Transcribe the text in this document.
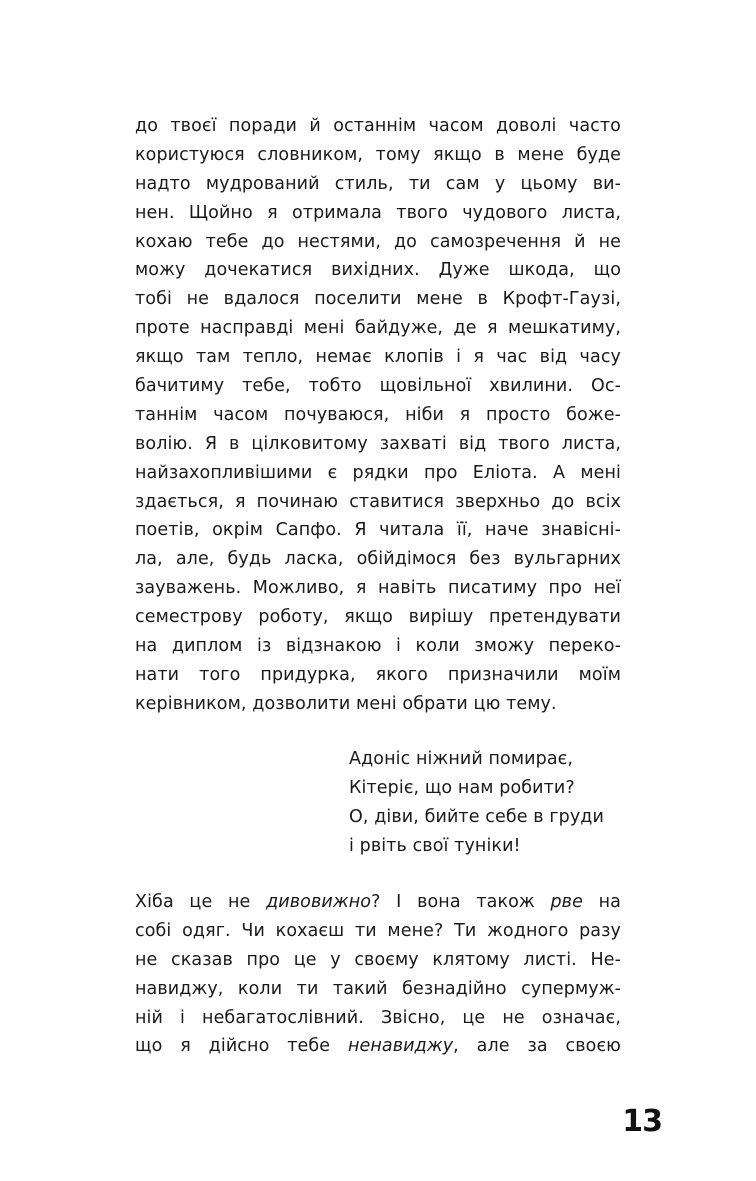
до твоєї поради й останнім часом доволі часто
користуюся словником, тому якщо в мене буде
надто мудрований стиль, ти сам у цьому ви-
нен. Щойно я отримала твого чудового листа,
кохаю тебе до нестями, до самозречення й не
можу дочекатися вихідних. Дуже шкода, що
тобі не вдалося поселити мене в Крофт-Гаузі,
проте насправді мені байдуже, де я мешкатиму,
якщо там тепло, немає клопів і я час від часу
бачитиму тебе, тобто щовільної хвилини. Ос-
таннім часом почуваюся, ніби я просто боже-
волію. Я в цілковитому захваті від твого листа,
найзахопливішими є рядки про Еліота. А мені
здається, я починаю ставитися зверхньо до всіх
поетів, окрім Сапфо. Я читала її, наче знавіснi-
ла, але, будь ласка, обійдімося без вульгарних
зауважень. Можливо, я навіть писатиму про неї
семестрову роботу, якщо вирішу претендувати
на диплом із відзнакою і коли зможу переко-
нати того придурка, якого призначили моїм
керівником, дозволити мені обрати цю тему.
Адоніс ніжний помирає,
Кітеріє, що нам робити?
О, діви, бийте себе в груди
і рвіть свої туніки!
Хіба це не дивовижно? І вона також рве на
собі одяг. Чи кохаєш ти мене? Ти жодного разу
не сказав про це у своєму клятому листі. Не-
навиджу, коли ти такий безнадійно супермуж-
ній і небагатослівний. Звісно, це не означає,
що я дійсно тебе ненавиджу, але за своєю
13
